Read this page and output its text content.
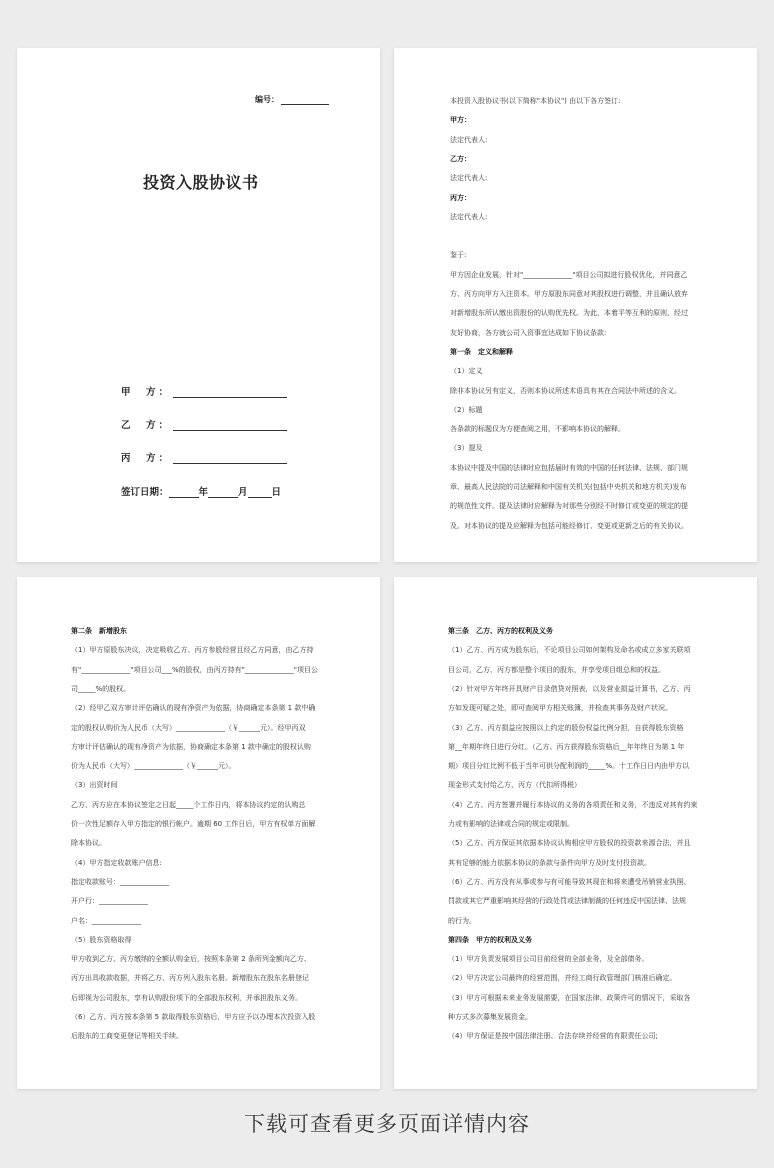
编号：
投资入股协议书
甲　方：
乙　方：
丙　方：
签订日期：	年	月	日
本投资入股协议书(以下简称"本协议") 由以下各方签订:
甲方：
法定代表人:
乙方：
法定代表人:
丙方：
法定代表人:
鉴于:
甲方因企业发展，针对"______________"项目公司拟进行股权优化，并同意乙
方、丙方向甲方入注资本。甲方原股东同意对其股权进行调整，并且确认放弃
对新增股东所认缴出资股份的认购优先权。为此，本着平等互利的原则，经过
友好协商，各方就公司入资事宜达成如下协议条款:
第一条　定义和解释
（1）定义
除非本协议另有定义，否则本协议所述术语具有其在合同法中所述的含义。
（2）标题
各条款的标题仅为方便查阅之用，不影响本协议的解释。
（3）提及
本协议中提及中国的法律时应包括届时有效的中国的任何法律、法规、部门规
章、最高人民法院的司法解释和中国有关机关(包括中央机关和地方机关)发布
的规范性文件。提及法律时应解释为对那些分别经不时修订或变更的规定的提
及。对本协议的提及应解释为包括可能经修订、变更或更新之后的有关协议。
第二条　新增股东
（1）甲方原股东决议，决定吸收乙方、丙方参股经营且经乙方同意，由乙方持
有"______________"项目公司___%的股权，由丙方持有"______________"项目公
司_____%的股权。
（2）经甲乙双方审计评估确认的现有净资产为依据，协商确定本条第 1 款中确
定的股权认购价为人民币（大写）______________（￥______元）。经甲丙双
方审计评估确认的现有净资产为依据，协商确定本条第 1 款中确定的股权认购
价为人民币（大写）______________（￥______元）。
（3）出资时间
乙方、丙方应在本协议签定之日起_____个工作日内，将本协议约定的认购总
价一次性足额存入甲方指定的银行帐户。逾期 60 工作日后，甲方有权单方面解
除本协议。
（4）甲方指定收款账户信息:
指定收款账号：______________
开户行：______________
户名：______________
（5）股东资格取得
甲方收到乙方、丙方缴纳的全额认购金后，按照本条第 2 条所列金额向乙方、
丙方出具收款收据，并将乙方、丙方列入股东名册。新增股东在股东名册登记
后即视为公司股东，享有认购股份项下的全部股东权利，并承担股东义务。
（6）乙方、丙方按本条第 5 款取得股东资格后，甲方应予以办理本次投资入股
后股东的工商变更登记等相关手续。
第三条　乙方、丙方的权利及义务
（1）乙方、丙方成为股东后，不论项目公司如何架构及命名或成立多家关联项
目公司，乙方、丙方都是整个项目的股东，并享受项目组总和的权益。
（2）针对甲方年终开具财产目录借贷对照表，以及营业损益计算书，乙方、丙
方如发现可疑之处，即可查阅甲方相关账簿，并检查其事务及财产状况。
（3）乙方、丙方损益应按照以上约定的股份权益比例分担，自获得股东资格
第__年期年终日进行分红。（乙方、丙方获得股东资格后__年年终日为第 1 年
期）项目分红比例不低于当年可供分配利润的_____%。十工作日日内由甲方以
现金形式支付给乙方、丙方（代扣所得税）
（4）乙方、丙方签署并履行本协议的义务的各项责任和义务，不违反对其有约束
力或有影响的法律或合同的规定或限制。
（5）乙方、丙方保证其依据本协议认购相应甲方股权的投资款来源合法，并且
其有足够的能力依据本协议的条款与条件向甲方及时支付投资款。
（6）乙方、丙方没有从事或参与有可能导致其现在和将来遭受吊销营业执照、
罚款或其它严重影响其经营的行政处罚或法律制裁的任何违反中国法律、法规
的行为。
第四条　甲方的权利及义务
（1）甲方负责发展项目公司目前经营的全部业务，及全部债务。
（2）甲方决定公司最终的经营范围，并经工商行政管理部门核准后确定。
（3）甲方可根据未来业务发展需要，在国家法律、政策许可的情况下，采取各
种方式多次募集发展资金。
（4）甲方保证是按中国法律注册、合法存续并经营的有限责任公司;
下载可查看更多页面详情内容
